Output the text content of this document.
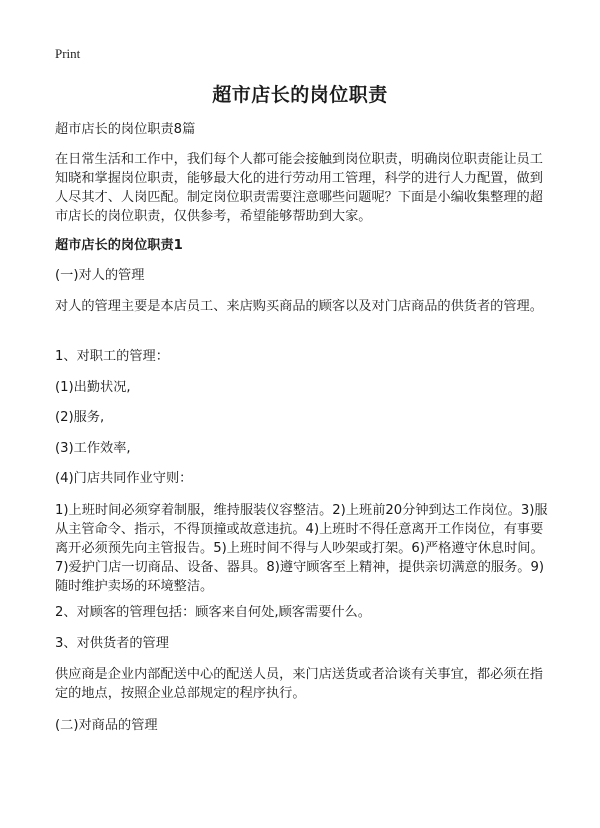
Print
超市店长的岗位职责

超市店长的岗位职责8篇

在日常生活和工作中，我们每个人都可能会接触到岗位职责，明确岗位职责能让员工知晓和掌握岗位职责，能够最大化的进行劳动用工管理，科学的进行人力配置，做到人尽其才、人岗匹配。制定岗位职责需要注意哪些问题呢？下面是小编收集整理的超市店长的岗位职责，仅供参考，希望能够帮助到大家。

超市店长的岗位职责1

(一)对人的管理

对人的管理主要是本店员工、来店购买商品的顾客以及对门店商品的供货者的管理。

1、对职工的管理：

(1)出勤状况,

(2)服务,

(3)工作效率,

(4)门店共同作业守则：

1)上班时间必须穿着制服，维持服装仪容整洁。2)上班前20分钟到达工作岗位。3)服从主管命令、指示，不得顶撞或故意违抗。4)上班时不得任意离开工作岗位，有事要离开必须预先向主管报告。5)上班时间不得与人吵架或打架。6)严格遵守休息时间。7)爱护门店一切商品、设备、器具。8)遵守顾客至上精神，提供亲切满意的服务。9)随时维护卖场的环境整洁。

2、对顾客的管理包括：顾客来自何处,顾客需要什么。

3、对供货者的管理

供应商是企业内部配送中心的配送人员，来门店送货或者洽谈有关事宜，都必须在指定的地点，按照企业总部规定的程序执行。

(二)对商品的管理
